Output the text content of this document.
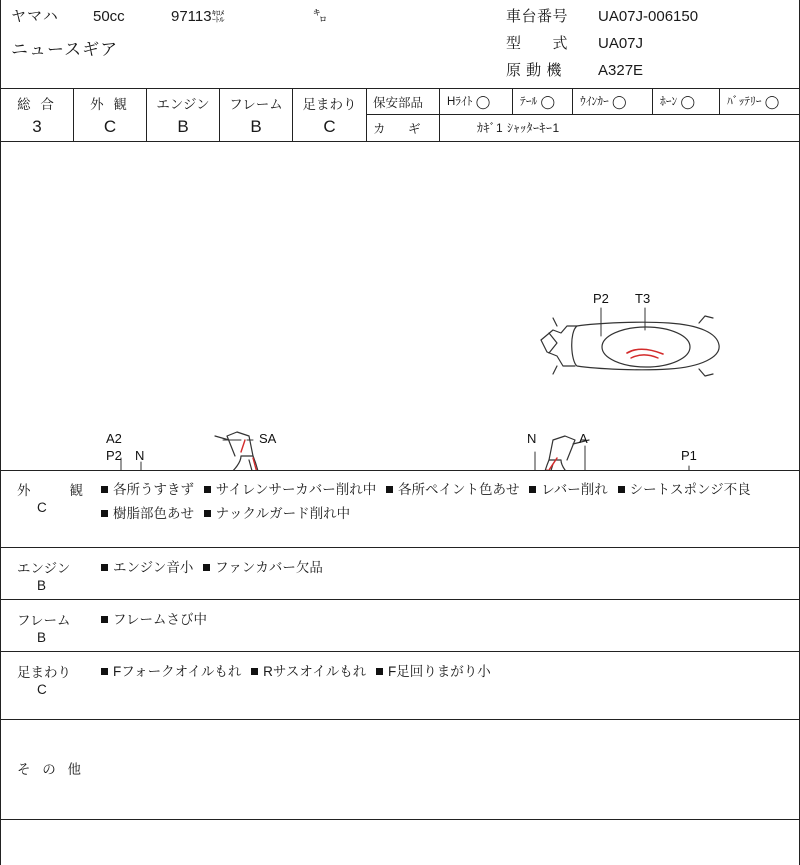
ヤマハ	50cc	97113㌖	㌔
ニュースギア
車台番号	UA07J-006150
型　　式	UA07J
原 動 機	A327E
総 合
3
外 観
C
エンジン
B
フレーム
B
足まわり
C
保安部品 Hﾗｲﾄ ◯	ﾃｰﾙ ◯ ｳｲﾝｶｰ ◯	ﾎｰﾝ ◯	ﾊﾞｯﾃﾘｰ ◯
カ　ギ	ｶｷﾞ1 ｼｬｯﾀｰｷｰ1
P2 T3
A2
P2 N
SA	N	A
P1
外　　観
C
各所うすきず サイレンサーカバー削れ中 各所ペイント色あせ レバー削れ シートスポンジ不良 樹脂部色あせ ナックルガード削れ中
エンジン
B
エンジン音小 ファンカバー欠品
フレーム
B
フレームさび中
足まわり
C
Fフォークオイルもれ Rサスオイルもれ F足回りまがり小
そ の 他
